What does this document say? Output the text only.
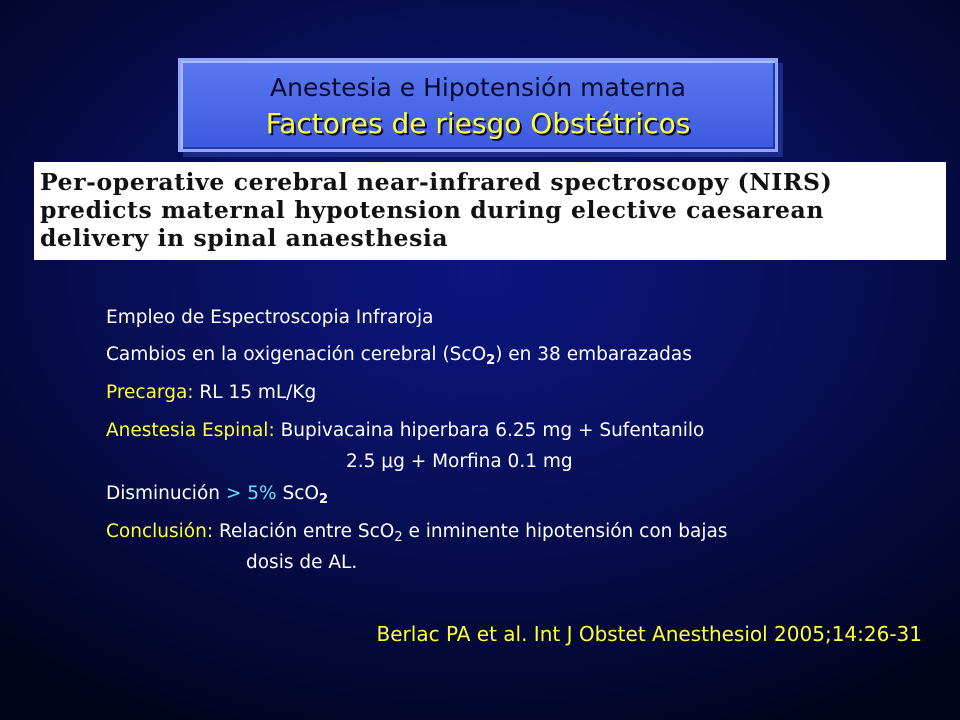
Anestesia e Hipotensión materna
Factores de riesgo Obstétricos
Per-operative cerebral near-infrared spectroscopy (NIRS)
predicts maternal hypotension during elective caesarean
delivery in spinal anaesthesia
Empleo de Espectroscopia Infraroja
Cambios en la oxigenación cerebral (ScO$_2$) en 38 embarazadas
Precarga: RL 15 mL/Kg
Anestesia Espinal: Bupivacaina hiperbara 6.25 mg + Sufentanilo
2.5 μg + Morfina 0.1 mg
Disminución > 5% ScO$_2$
Conclusión: Relación entre ScO$_2$ e inminente hipotensión con bajas
dosis de AL.
Berlac PA et al. Int J Obstet Anesthesiol 2005;14:26-31
